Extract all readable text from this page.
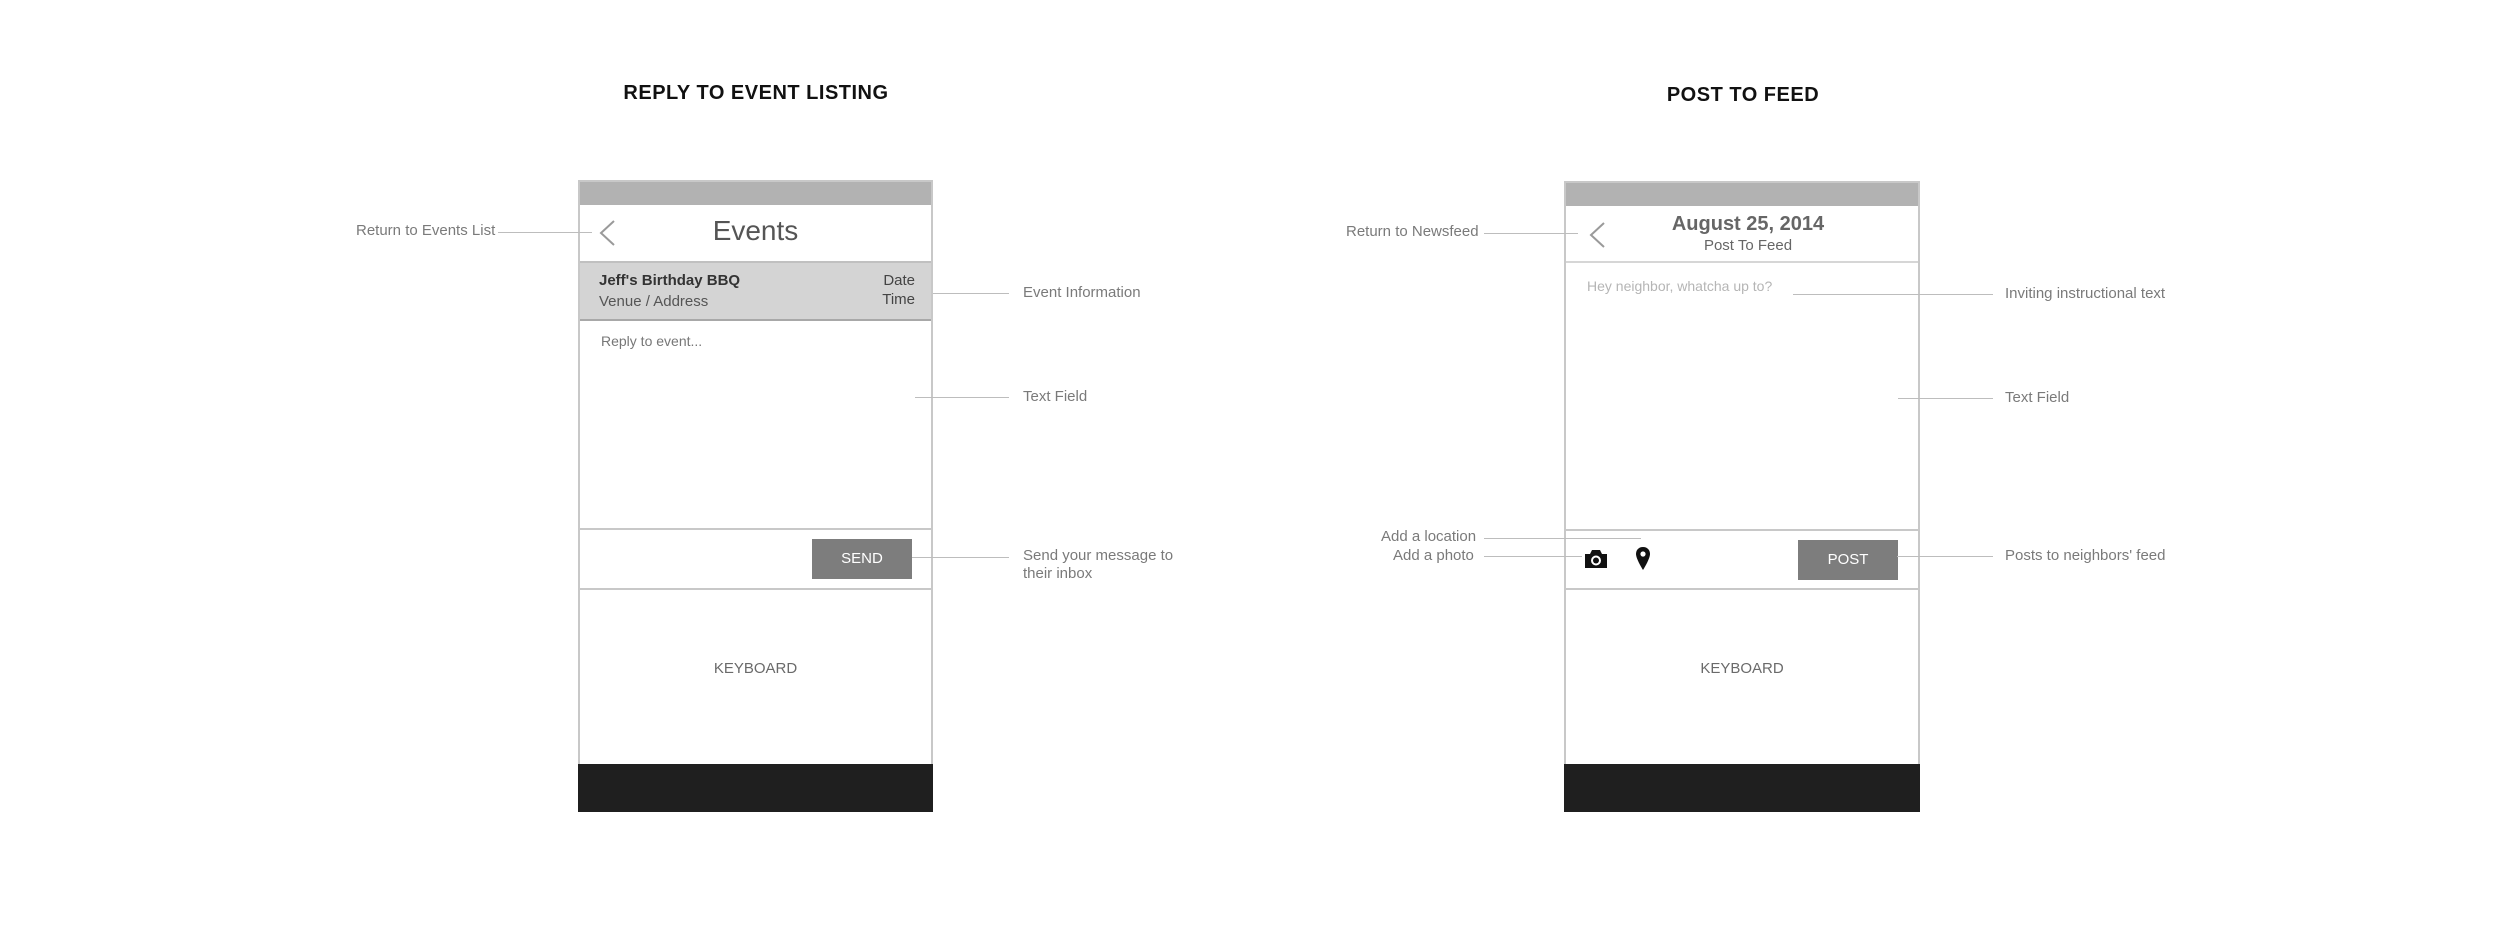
REPLY TO EVENT LISTING
Events
Jeff's Birthday BBQ
Venue / Address
Date
Time
Reply to event...
SEND
KEYBOARD
Return to Events List
Event Information
Text Field
Send your message to
their inbox
POST TO FEED
August 25, 2014
Post To Feed
Hey neighbor, whatcha up to?
POST
KEYBOARD
Return to Newsfeed
Inviting instructional text
Text Field
Add a location
Add a photo	Posts to neighbors' feed
